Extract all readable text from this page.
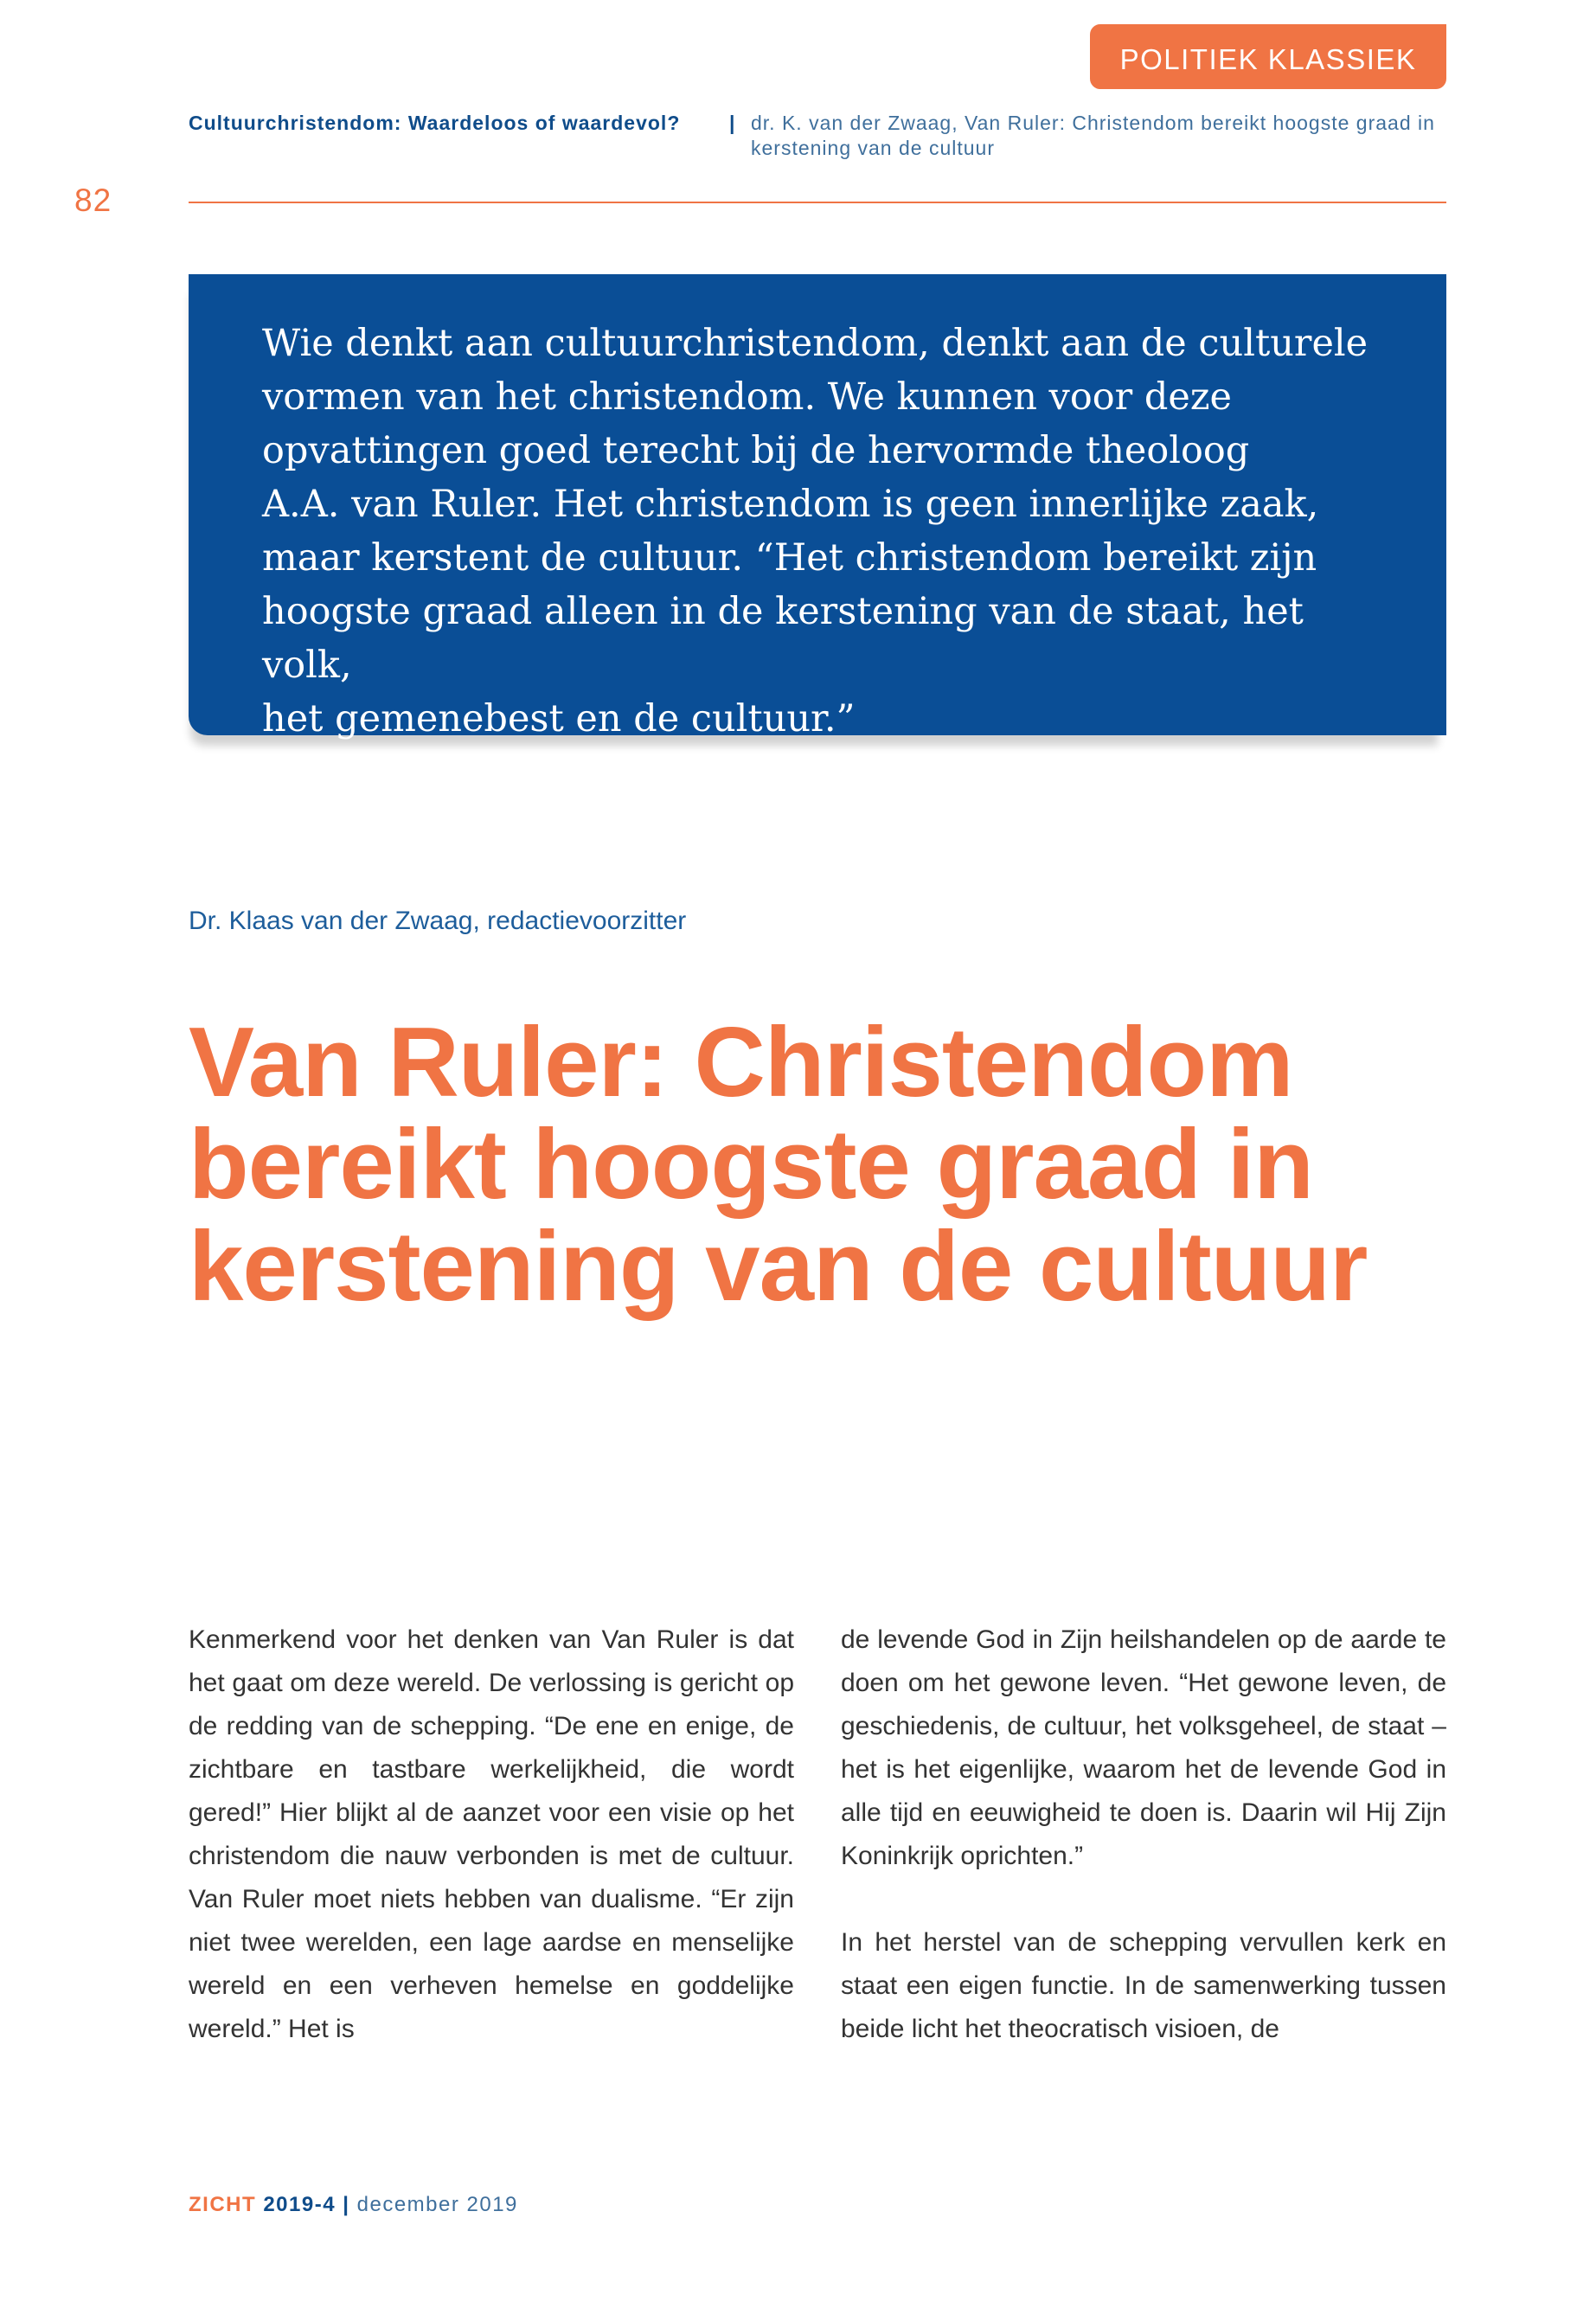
POLITIEK KLASSIEK
Cultuurchristendom: Waardeloos of waardevol? | dr. K. van der Zwaag, Van Ruler: Christendom bereikt hoogste graad in kerstening van de cultuur
82

Wie denkt aan cultuurchristendom, denkt aan de culturele
vormen van het christendom. We kunnen voor deze
opvattingen goed terecht bij de hervormde theoloog
A.A. van Ruler. Het christendom is geen innerlijke zaak,
maar kerstent de cultuur. “Het christendom bereikt zijn
hoogste graad alleen in de kerstening van de staat, het volk,
het gemenebest en de cultuur.”

Dr. Klaas van der Zwaag, redactievoorzitter
Van Ruler: Christendom
bereikt hoogste graad in
kerstening van de cultuur

Kenmerkend voor het denken van Van Ruler is dat het gaat om deze wereld. De verlossing is gericht op de redding van de schepping. “De ene en enige, de zichtbare en tastbare werkelijkheid, die wordt gered!” Hier blijkt al de aanzet voor een visie op het christendom die nauw verbonden is met de cultuur. Van Ruler moet niets hebben van dualisme. “Er zijn niet twee werelden, een lage aardse en menselijke wereld en een verheven hemelse en goddelijke wereld.” Het is

de levende God in Zijn heilshandelen op de aarde te doen om het gewone leven. “Het gewone leven, de geschiedenis, de cultuur, het volksgeheel, de staat – het is het eigenlijke, waarom het de levende God in alle tijd en eeuwigheid te doen is. Daarin wil Hij Zijn Koninkrijk oprichten.”

In het herstel van de schepping vervullen kerk en staat een eigen functie. In de samenwerking tussen beide licht het theocratisch visioen, de

ZICHT 2019-4 | december 2019
